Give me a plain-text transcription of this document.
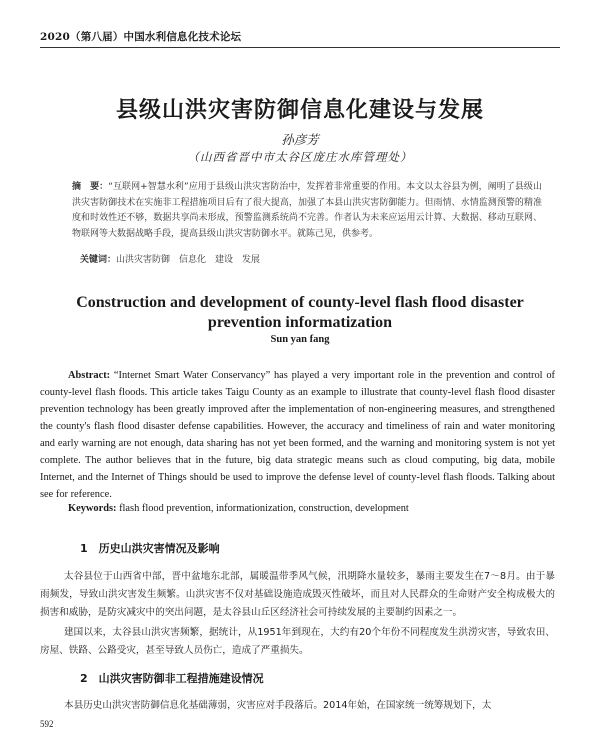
2020（第八届）中国水利信息化技术论坛
县级山洪灾害防御信息化建设与发展
孙彦芳
（山西省晋中市太谷区庞庄水库管理处）
摘　要：“互联网+智慧水利”应用于县级山洪灾害防治中，发挥着非常重要的作用。本文以太谷县为例，阐明了县级山洪灾害防御技术在实施非工程措施项目后有了很大提高，加强了本县山洪灾害防御能力。但雨情、水情监测预警的精准度和时效性还不够，数据共享尚未形成，预警监测系统尚不完善。作者认为未来应运用云计算、大数据、移动互联网、物联网等大数据战略手段，提高县级山洪灾害防御水平。就陈己见，供参考。
关键词：山洪灾害防御　信息化　建设　发展
Construction and development of county-level flash flood disaster prevention informatization
Sun yan fang
Abstract: “Internet Smart Water Conservancy” has played a very important role in the prevention and control of county-level flash floods. This article takes Taigu County as an example to illustrate that county-level flash flood disaster prevention technology has been greatly improved after the implementation of non-engineering measures, and strengthened the county's flash flood disaster defense capabilities. However, the accuracy and timeliness of rain and water monitoring and early warning are not enough, data sharing has not yet been formed, and the warning and monitoring system is not yet complete. The author believes that in the future, big data strategic means such as cloud computing, big data, mobile Internet, and the Internet of Things should be used to improve the defense level of county-level flash floods. Talking about see for reference.
Keywords: flash flood prevention, informationization, construction, development
1　历史山洪灾害情况及影响
太谷县位于山西省中部，晋中盆地东北部，属暖温带季风气候，汛期降水量较多，暴雨主要发生在7～8月。由于暴雨频发，导致山洪灾害发生频繁。山洪灾害不仅对基础设施造成毁灭性破坏，而且对人民群众的生命财产安全构成极大的损害和威胁，是防灾减灾中的突出问题，是太谷县山丘区经济社会可持续发展的主要制约因素之一。
建国以来，太谷县山洪灾害频繁，据统计，从1951年到现在，大约有20个年份不同程度发生洪涝灾害，导致农田、房屋、铁路、公路受灾，甚至导致人员伤亡，造成了严重损失。
2　山洪灾害防御非工程措施建设情况
本县历史山洪灾害防御信息化基础薄弱，灾害应对手段落后。2014年始，在国家统一统筹规划下，太
592
